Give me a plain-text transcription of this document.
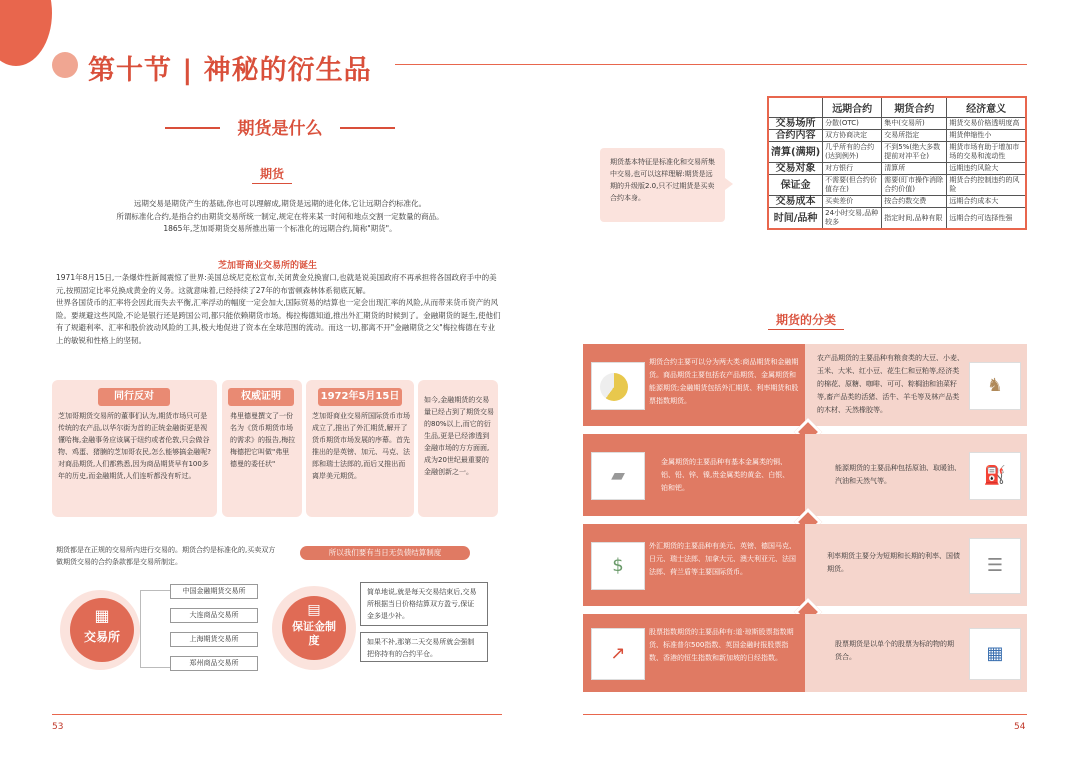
第十节 | 神秘的衍生品
期货是什么
期货
远期交易是期货产生的基础,你也可以理解成,期货是远期的进化体,它让远期合约标准化。
所谓标准化合约,是指合约由期货交易所统一制定,规定在将来某一时间和地点交割一定数量的商品。
1865年,芝加哥期货交易所推出第一个标准化的远期合约,简称"期货"。
芝加哥商业交易所的诞生
1971年8月15日,一条爆炸性新闻震惊了世界:美国总统尼克松宣布,关闭黄金兑换窗口,也就是说美国政府不再承担将各国政府手中的美元,按照固定比率兑换成黄金的义务。这就意味着,已经持续了27年的布雷顿森林体系彻底瓦解。
世界各国货币的汇率将会因此而失去平衡,汇率浮动的幅度一定会加大,国际贸易的结算也一定会出现汇率的风险,从而带来货币资产的风险。要规避这些风险,不论是银行还是跨国公司,都只能依赖期货市场。梅拉梅德知道,推出外汇期货的时候到了。金融期货的诞生,使他们有了规避利率、汇率和股价波动风险的工具,极大地促进了资本在全球范围的流动。而这一切,都离不开"金融期货之父"梅拉梅德在专业上的敏锐和性格上的坚韧。
同行反对
芝加哥期货交易所的董事们认为,期货市场只可是传统的农产品,以华尔街为首的正统金融街更是视懂哈梅,金融事务应该属于纽约或者伦敦,只会做谷物、鸡蛋、猪腩的芝加哥农民,怎么能够搞金融呢?对商品期货,人们都熟悉,因为商品期货早有100多年的历史,而金融期货,人们连听都没有听过。
权威证明
弗里德曼撰文了一份名为《货币期货市场的需求》的报告,梅拉梅德把它叫做"弗里德曼的委任状"
1972年5月15日
芝加哥商业交易所国际货币市场成立了,推出了外汇期货,解开了货币期货市场发展的序幕。首先推出的是英镑、加元、马克、法郎和瑞士法郎的,而后又推出而离岸美元期货。
如今,金融期货的交易量已经占到了期货交易的80%以上,而它的衍生品,更是已经渗透到金融市场的方方面面,成为20世纪最重要的金融创新之一。
期货都是在正规的交易所内进行交易的。期货合约是标准化的,买卖双方做期货交易的合约条款都是交易所制定。
所以我们要有当日无负债结算制度
▦
交易所
中国金融期货交易所
大连商品交易所
上海期货交易所
郑州商品交易所
▤
保证金制度
简单地说,就是每天交易结束后,交易所根据当日价格结算双方盈亏,保证金多退少补。
如果不补,那第二天交易所就会强制把你持有的合约平仓。
53
期货基本特征是标准化和交易所集中交易,也可以这样理解:期货是远期的升级版2.0,只不过期货是买卖合约本身。
	远期合约	期货合约	经济意义
交易场所	分散(OTC)	集中(交易所)	期货交易价格透明度高
合约内容	双方协商决定	交易所指定	期货伸缩性小
清算(满期)	几乎所有的合约(达到例外)	不到5%(绝大多数提前对冲平仓)	期货市场有助于增加市场的交易和流动性
交易对象	对方银行	清算所	远期违约风险大
保证金	不需要(但合约价值存在)	需要(盯市操作消除合约价值)	期货合约控制违约的风险
交易成本	买卖差价	按合约数交费	远期合约成本大
时间/品种	24小时交易,品种较多	指定时间,品种有限	远期合约可选择性强
期货的分类
期货合约主要可以分为两大类:商品期货和金融期货。商品期货主要包括农产品期货、金属期货和能源期货;金融期货包括外汇期货、利率期货和股票指数期货。
农产品期货的主要品种有粮食类的大豆、小麦、玉米、大米、红小豆、花生仁和豆粕等,经济类的棉花、原糖、咖啡、可可、粽榈油和油菜籽等,畜产品类的活猪、活牛、羊毛等及林产品类的木材、天然橡胶等。
♞
▰
金属期货的主要品种有基本金属类的铜、铝、铅、锌、镍,贵金属类的黄金、白银、铂和钯。
能源期货的主要品种包括原油、取暖油、汽油和天然气等。	⛽
$
外汇期货的主要品种有美元、英镑、德国马克、日元、瑞士法郎、加拿大元、澳大利亚元、法国法郎、荷兰盾等主要国际货币。
利率期货主要分为短期和长期的利率、国债期货。	☰
↗
股票指数期货的主要品种有:道·琼斯股票指数期货、标准普尔500指数、英国金融时报股票指数、香港的恒生指数和新加坡的日经指数。
股票期货是以单个的股票为标的物的期货合。	▦
54
